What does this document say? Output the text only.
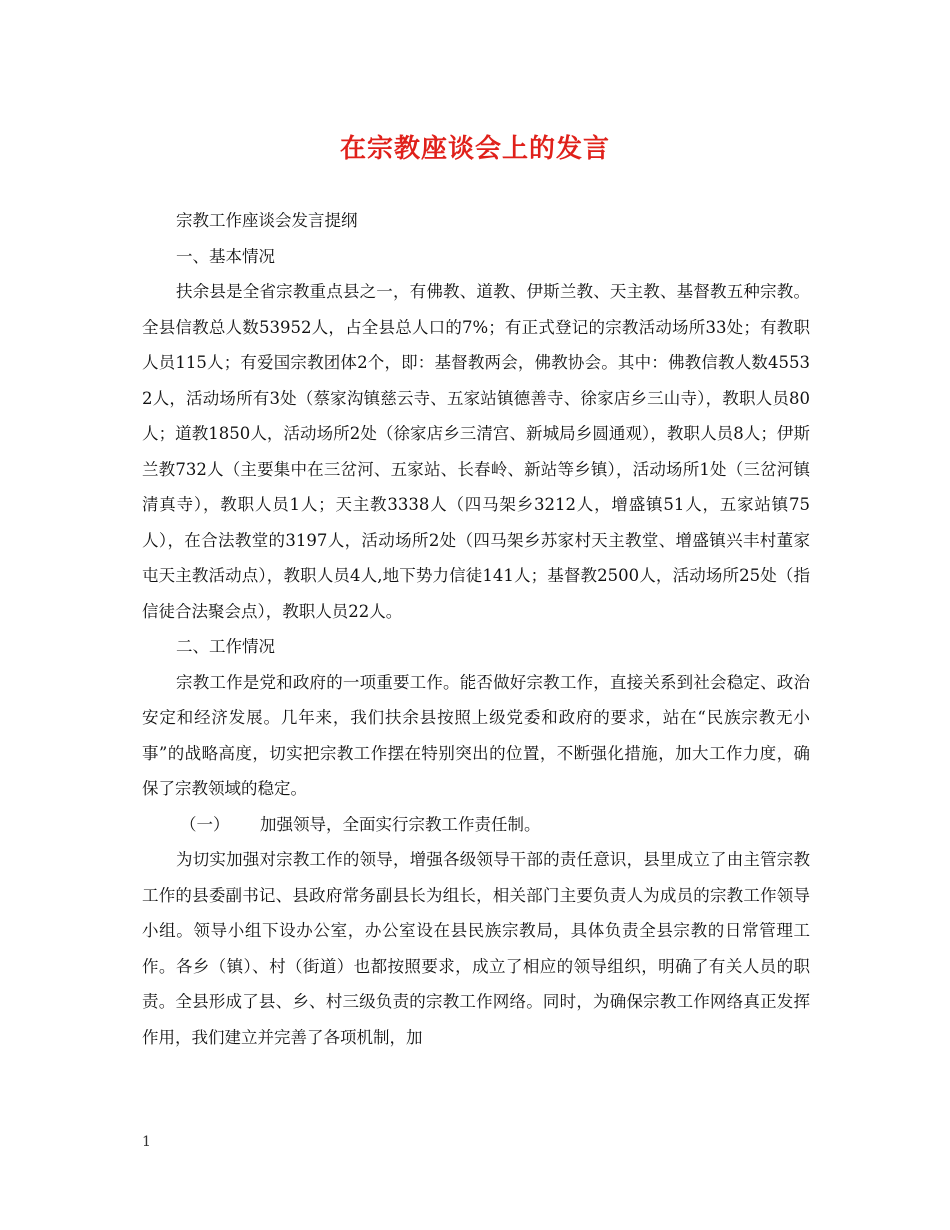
在宗教座谈会上的发言

宗教工作座谈会发言提纲

一、基本情况

扶余县是全省宗教重点县之一，有佛教、道教、伊斯兰教、天主教、基督教五种宗教。全县信教总人数53952人，占全县总人口的7%；有正式登记的宗教活动场所33处；有教职人员115人；有爱国宗教团体2个，即：基督教两会，佛教协会。其中：佛教信教人数45532人，活动场所有3处（蔡家沟镇慈云寺、五家站镇德善寺、徐家店乡三山寺），教职人员80人；道教1850人，活动场所2处（徐家店乡三清宫、新城局乡圆通观），教职人员8人；伊斯兰教732人（主要集中在三岔河、五家站、长春岭、新站等乡镇），活动场所1处（三岔河镇清真寺），教职人员1人；天主教3338人（四马架乡3212人，增盛镇51人，五家站镇75人），在合法教堂的3197人，活动场所2处（四马架乡苏家村天主教堂、增盛镇兴丰村董家屯天主教活动点），教职人员4人,地下势力信徒141人；基督教2500人，活动场所25处（指信徒合法聚会点），教职人员22人。

二、工作情况

宗教工作是党和政府的一项重要工作。能否做好宗教工作，直接关系到社会稳定、政治安定和经济发展。几年来，我们扶余县按照上级党委和政府的要求，站在“民族宗教无小事”的战略高度，切实把宗教工作摆在特别突出的位置，不断强化措施，加大工作力度，确保了宗教领域的稳定。

（一） 加强领导，全面实行宗教工作责任制。

为切实加强对宗教工作的领导，增强各级领导干部的责任意识，县里成立了由主管宗教工作的县委副书记、县政府常务副县长为组长，相关部门主要负责人为成员的宗教工作领导小组。领导小组下设办公室，办公室设在县民族宗教局，具体负责全县宗教的日常管理工作。各乡（镇）、村（街道）也都按照要求，成立了相应的领导组织，明确了有关人员的职责。全县形成了县、乡、村三级负责的宗教工作网络。同时，为确保宗教工作网络真正发挥作用，我们建立并完善了各项机制，加

1
